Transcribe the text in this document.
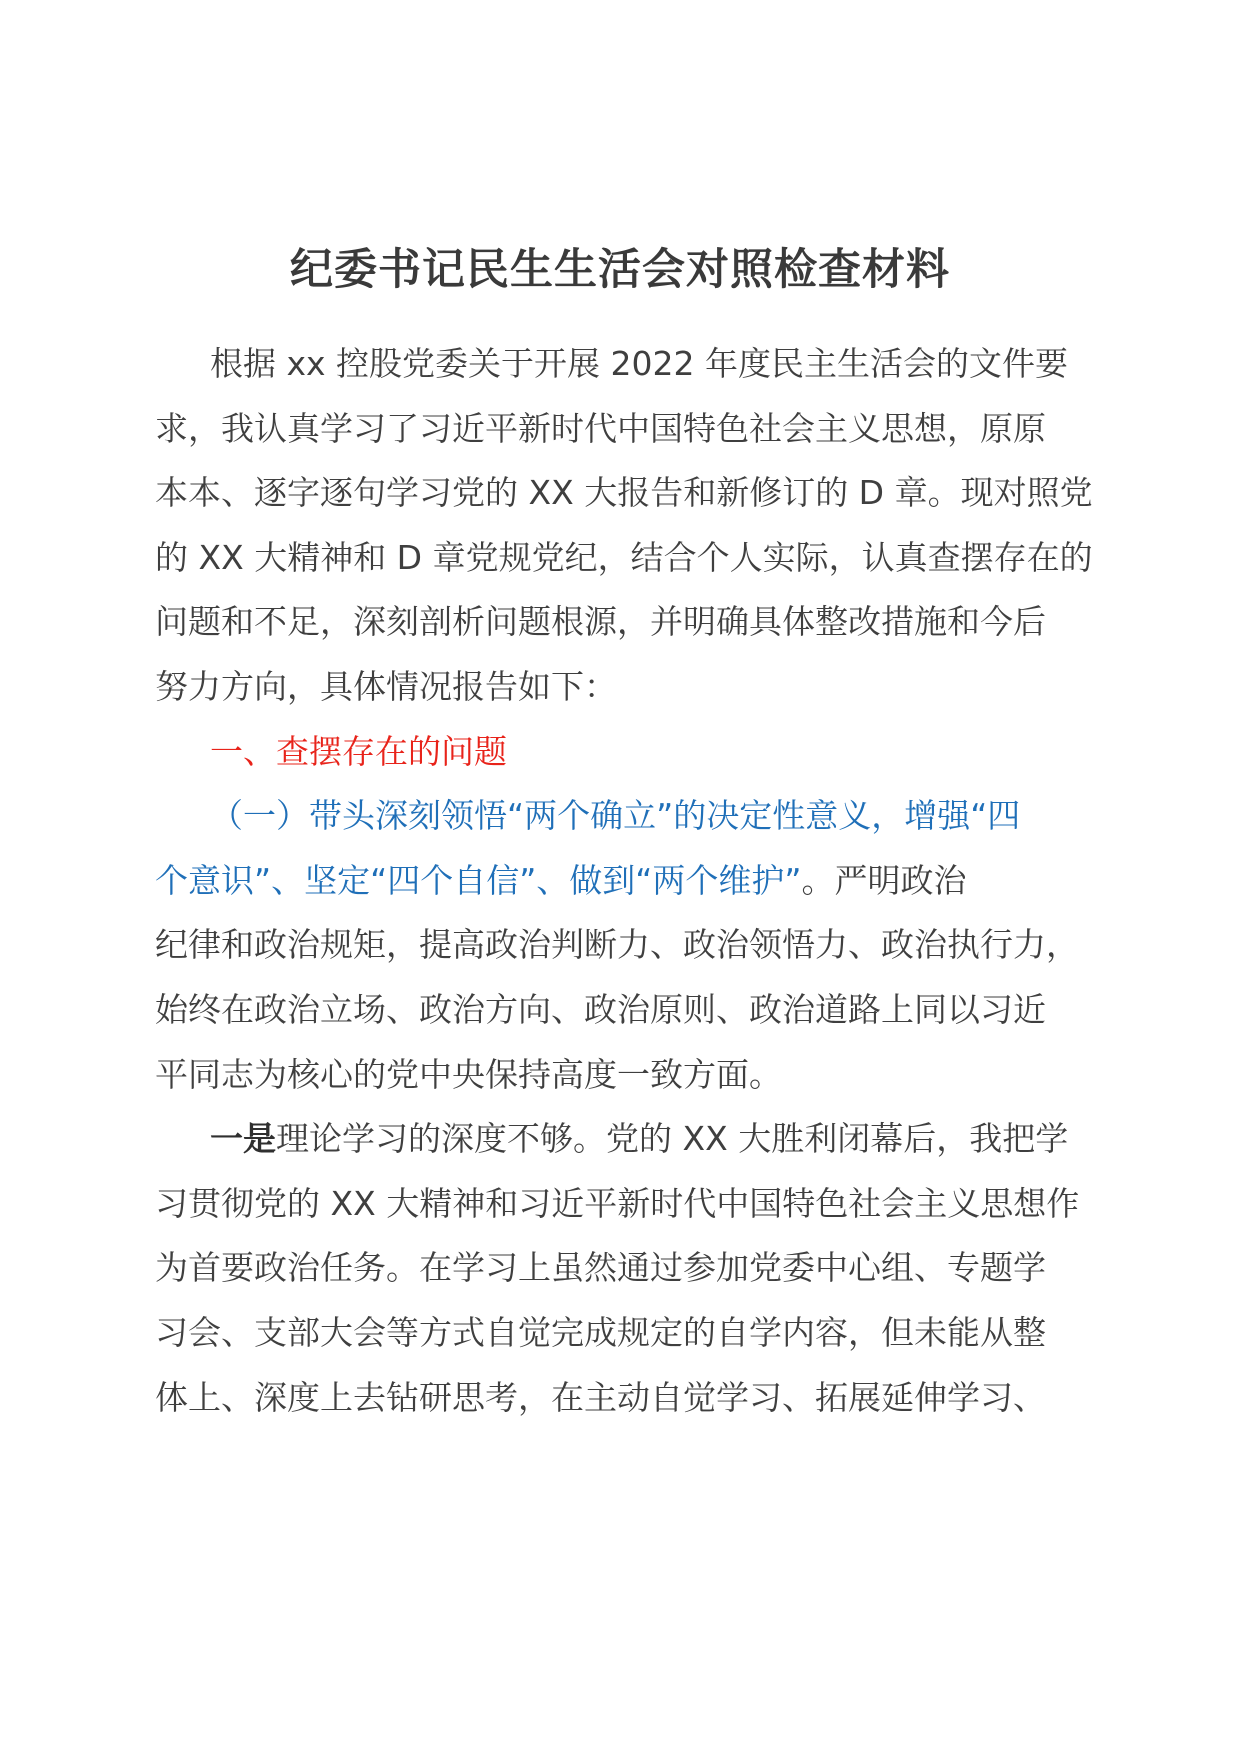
纪委书记民生生活会对照检查材料
根据 xx 控股党委关于开展 2022 年度民主生活会的文件要
求，我认真学习了习近平新时代中国特色社会主义思想，原原
本本、逐字逐句学习党的 XX 大报告和新修订的 D 章。现对照党
的 XX 大精神和 D 章党规党纪，结合个人实际，认真查摆存在的
问题和不足，深刻剖析问题根源，并明确具体整改措施和今后
努力方向，具体情况报告如下：
一、查摆存在的问题
（一）带头深刻领悟“两个确立”的决定性意义，增强“四
个意识”、坚定“四个自信”、做到“两个维护”。严明政治
纪律和政治规矩，提高政治判断力、政治领悟力、政治执行力，
始终在政治立场、政治方向、政治原则、政治道路上同以习近
平同志为核心的党中央保持高度一致方面。
一是理论学习的深度不够。党的 XX 大胜利闭幕后，我把学
习贯彻党的 XX 大精神和习近平新时代中国特色社会主义思想作
为首要政治任务。在学习上虽然通过参加党委中心组、专题学
习会、支部大会等方式自觉完成规定的自学内容，但未能从整
体上、深度上去钻研思考，在主动自觉学习、拓展延伸学习、
